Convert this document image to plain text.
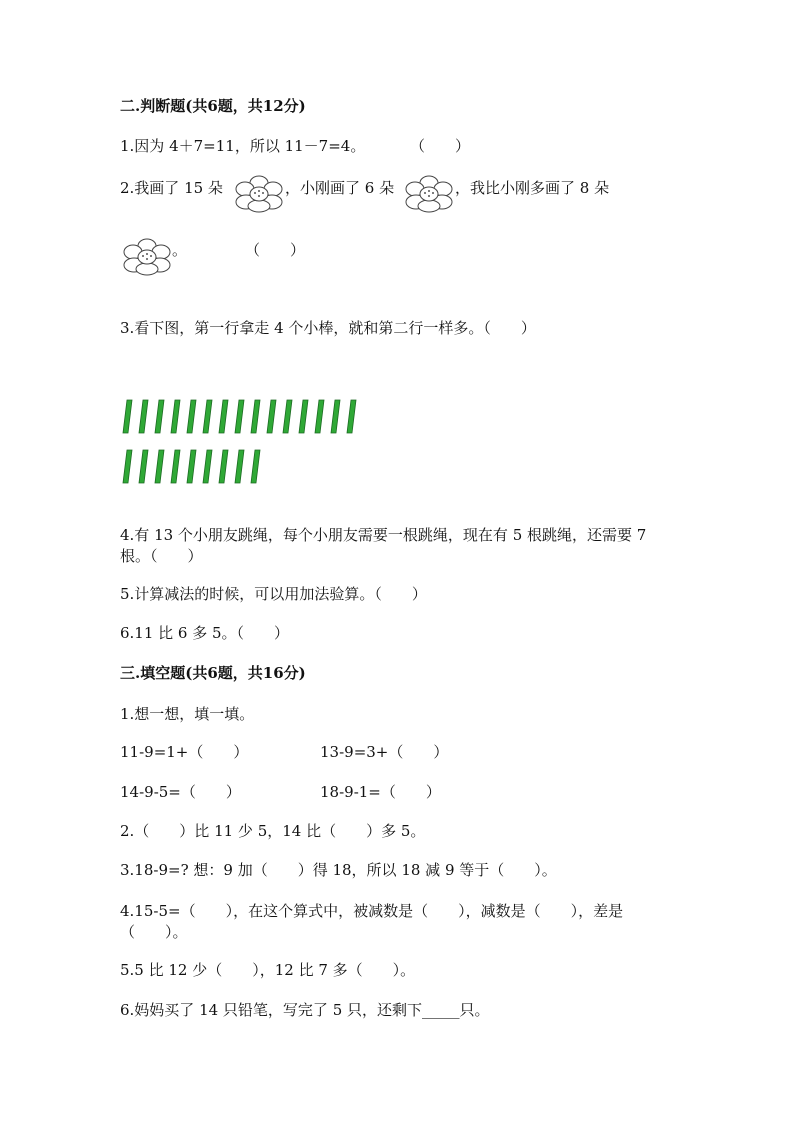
二.判断题(共6题，共12分)
1.因为 4＋7=11，所以 11－7=4。	（　　）
2.我画了 15 朵	，小刚画了 6 朵	，我比小刚多画了 8 朵
。	（　　）
3.看下图，第一行拿走 4 个小棒，就和第二行一样多。（　　）
4.有 13 个小朋友跳绳，每个小朋友需要一根跳绳，现在有 5 根跳绳，还需要 7
根。（　　）
5.计算减法的时候，可以用加法验算。（　　）
6.11 比 6 多 5。（　　）
三.填空题(共6题，共16分)
1.想一想，填一填。
11-9=1+（　　）	13-9=3+（　　）
14-9-5=（　　）	18-9-1=（　　）
2.（　　）比 11 少 5，14 比（　　）多 5。
3.18-9=? 想：9 加（　　）得 18，所以 18 减 9 等于（　　）。
4.15-5=（　　），在这个算式中，被减数是（　　），减数是（　　），差是
（　　）。
5.5 比 12 少（　　），12 比 7 多（　　）。
6.妈妈买了 14 只铅笔，写完了 5 只，还剩下_____只。
